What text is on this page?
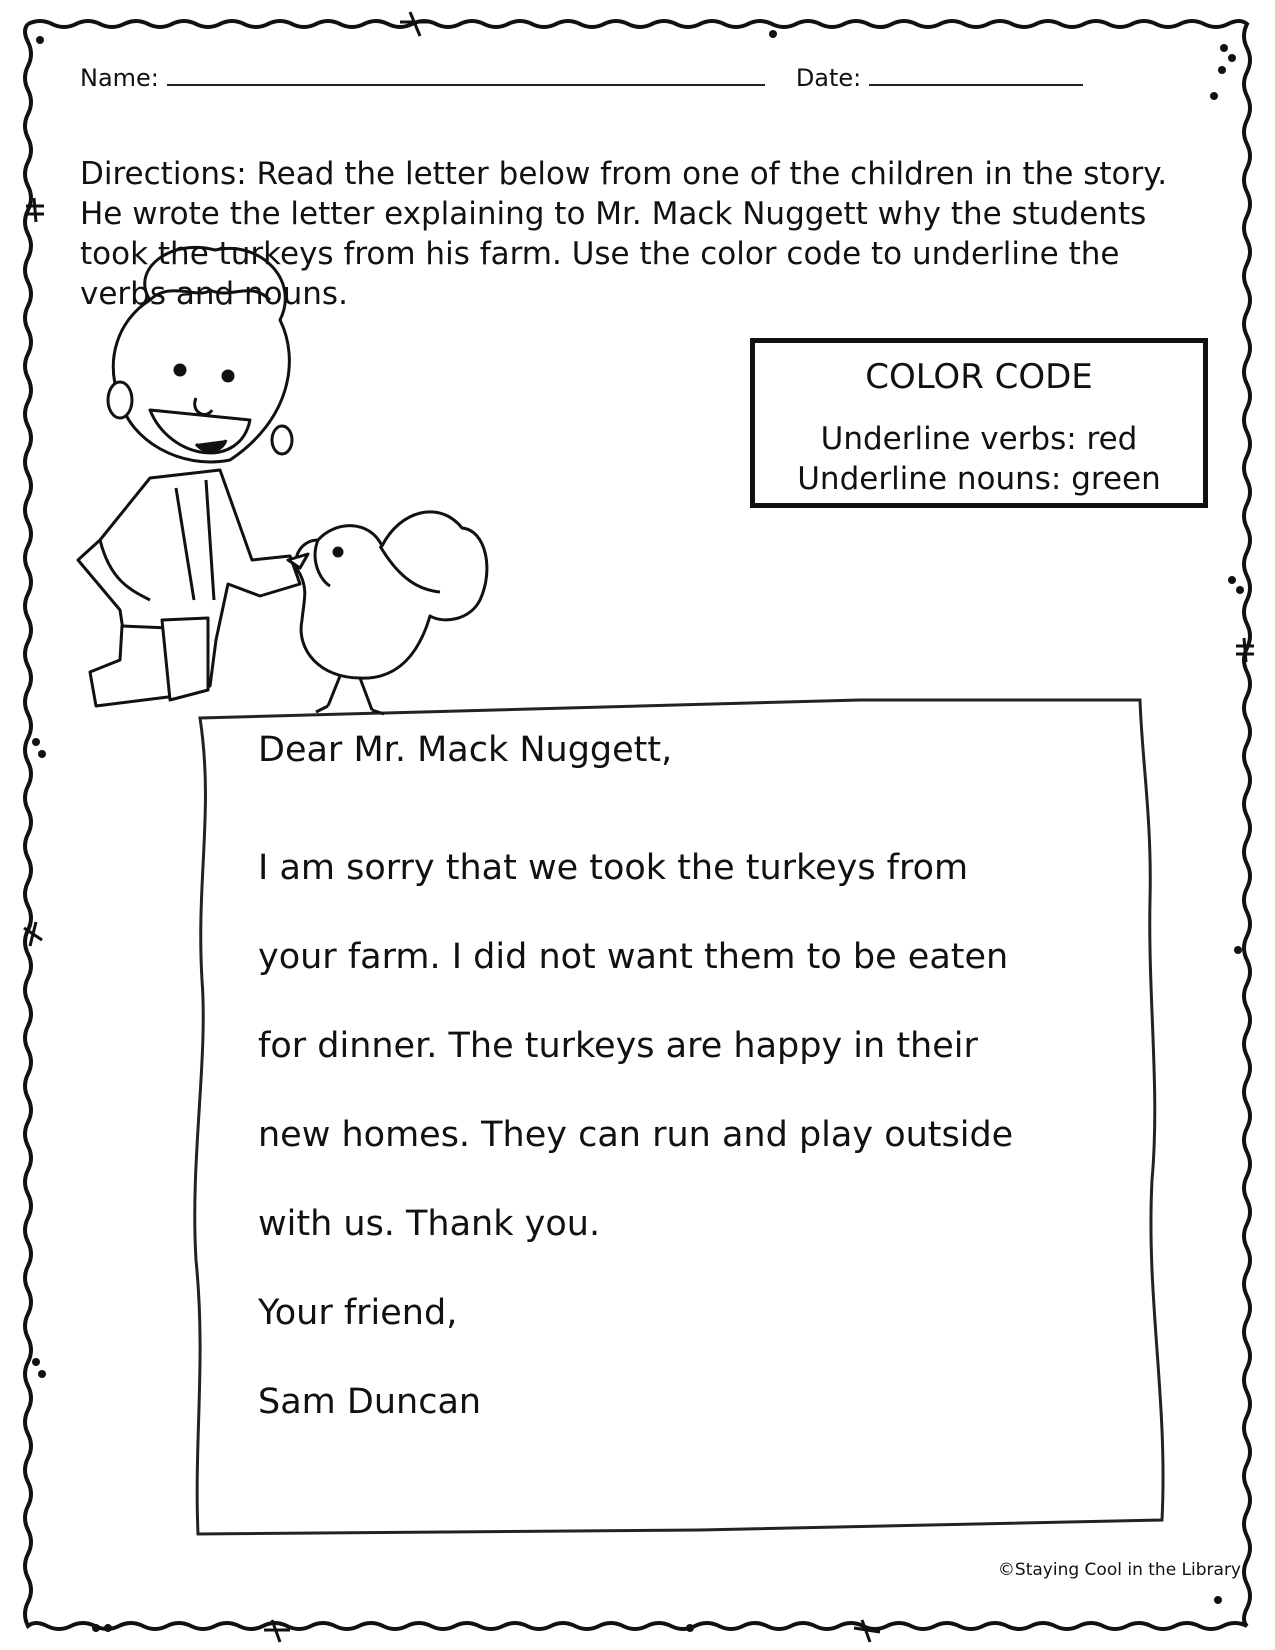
Name:	Date:
Directions: Read the letter below from one of the children in the story. He wrote the letter explaining to Mr. Mack Nuggett why the students took the turkeys from his farm. Use the color code to underline the verbs and nouns.
COLOR CODE
Underline verbs: red
Underline nouns: green
Dear Mr. Mack Nuggett,
I am sorry that we took the turkeys from
your farm. I did not want them to be eaten
for dinner. The turkeys are happy in their
new homes. They can run and play outside
with us. Thank you.
Your friend,
Sam Duncan
©Staying Cool in the Library
